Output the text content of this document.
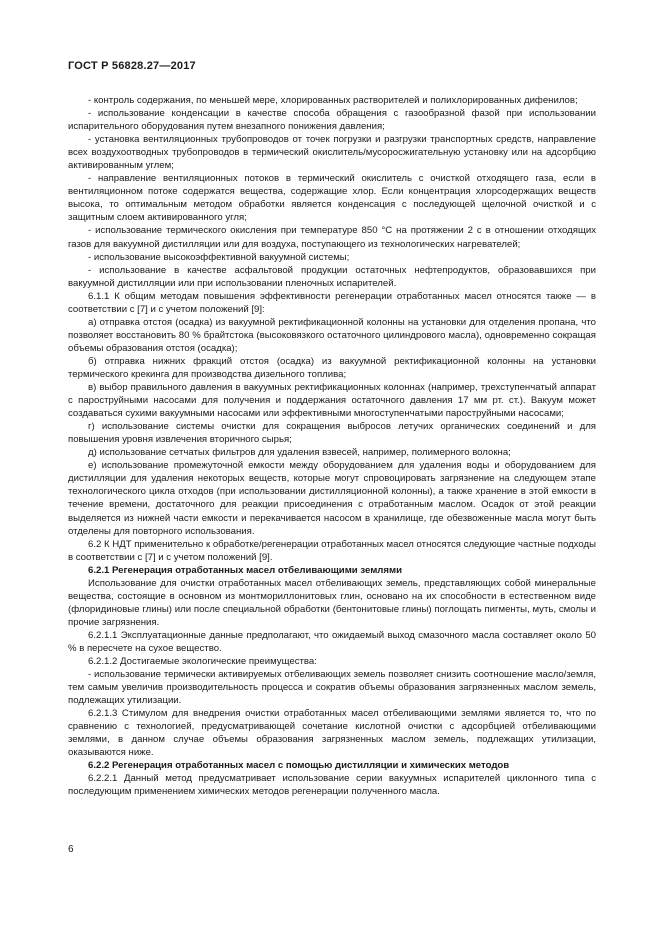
ГОСТ Р 56828.27—2017

- контроль содержания, по меньшей мере, хлорированных растворителей и полихлорированных дифенилов;

- использование конденсации в качестве способа обращения с газообразной фазой при использовании испарительного оборудования путем внезапного понижения давления;

- установка вентиляционных трубопроводов от точек погрузки и разгрузки транспортных средств, направление всех воздухоотводных трубопроводов в термический окислитель/мусоросжигательную установку или на адсорбцию активированным углем;

- направление вентиляционных потоков в термический окислитель с очисткой отходящего газа, если в вентиляционном потоке содержатся вещества, содержащие хлор. Если концентрация хлорсодержащих веществ высока, то оптимальным методом обработки является конденсация с последующей щелочной очисткой и с защитным слоем активированного угля;

- использование термического окисления при температуре 850 °С на протяжении 2 с в отношении отходящих газов для вакуумной дистилляции или для воздуха, поступающего из технологических нагревателей;

- использование высокоэффективной вакуумной системы;

- использование в качестве асфальтовой продукции остаточных нефтепродуктов, образовавшихся при вакуумной дистилляции или при использовании пленочных испарителей.

6.1.1 К общим методам повышения эффективности регенерации отработанных масел относятся также — в соответствии с [7] и с учетом положений [9]:

а) отправка отстоя (осадка) из вакуумной ректификационной колонны на установки для отделения пропана, что позволяет восстановить 80 % брайтстока (высоковязкого остаточного цилиндрового масла), одновременно сокращая объемы образования отстоя (осадка);

б) отправка нижних фракций отстоя (осадка) из вакуумной ректификационной колонны на установки термического крекинга для производства дизельного топлива;

в) выбор правильного давления в вакуумных ректификационных колоннах (например, трехступенчатый аппарат с пароструйными насосами для получения и поддержания остаточного давления 17 мм рт. ст.). Вакуум может создаваться сухими вакуумными насосами или эффективными многоступенчатыми пароструйными насосами;

г) использование системы очистки для сокращения выбросов летучих органических соединений и для повышения уровня извлечения вторичного сырья;

д) использование сетчатых фильтров для удаления взвесей, например, полимерного волокна;

е) использование промежуточной емкости между оборудованием для удаления воды и оборудованием для дистилляции для удаления некоторых веществ, которые могут спровоцировать загрязнение на следующем этапе технологического цикла отходов (при использовании дистилляционной колонны), а также хранение в этой емкости в течение времени, достаточного для реакции присоединения с отработанным маслом. Осадок от этой реакции выделяется из нижней части емкости и перекачивается насосом в хранилище, где обезвоженные масла могут быть отделены для повторного использования.

6.2 К НДТ применительно к обработке/регенерации отработанных масел относятся следующие частные подходы в соответствии с [7] и с учетом положений [9].

6.2.1 Регенерация отработанных масел отбеливающими землями

Использование для очистки отработанных масел отбеливающих земель, представляющих собой минеральные вещества, состоящие в основном из монтмориллонитовых глин, основано на их способности в естественном виде (флоридиновые глины) или после специальной обработки (бентонитовые глины) поглощать пигменты, муть, смолы и прочие загрязнения.

6.2.1.1 Эксплуатационные данные предполагают, что ожидаемый выход смазочного масла составляет около 50 % в пересчете на сухое вещество.

6.2.1.2 Достигаемые экологические преимущества:

- использование термически активируемых отбеливающих земель позволяет снизить соотношение масло/земля, тем самым увеличив производительность процесса и сократив объемы образования загрязненных маслом земель, подлежащих утилизации.

6.2.1.3 Стимулом для внедрения очистки отработанных масел отбеливающими землями является то, что по сравнению с технологией, предусматривающей сочетание кислотной очистки с адсорбцией отбеливающими землями, в данном случае объемы образования загрязненных маслом земель, подлежащих утилизации, оказываются ниже.

6.2.2 Регенерация отработанных масел с помощью дистилляции и химических методов

6.2.2.1 Данный метод предусматривает использование серии вакуумных испарителей циклонного типа с последующим применением химических методов регенерации полученного масла.

6
